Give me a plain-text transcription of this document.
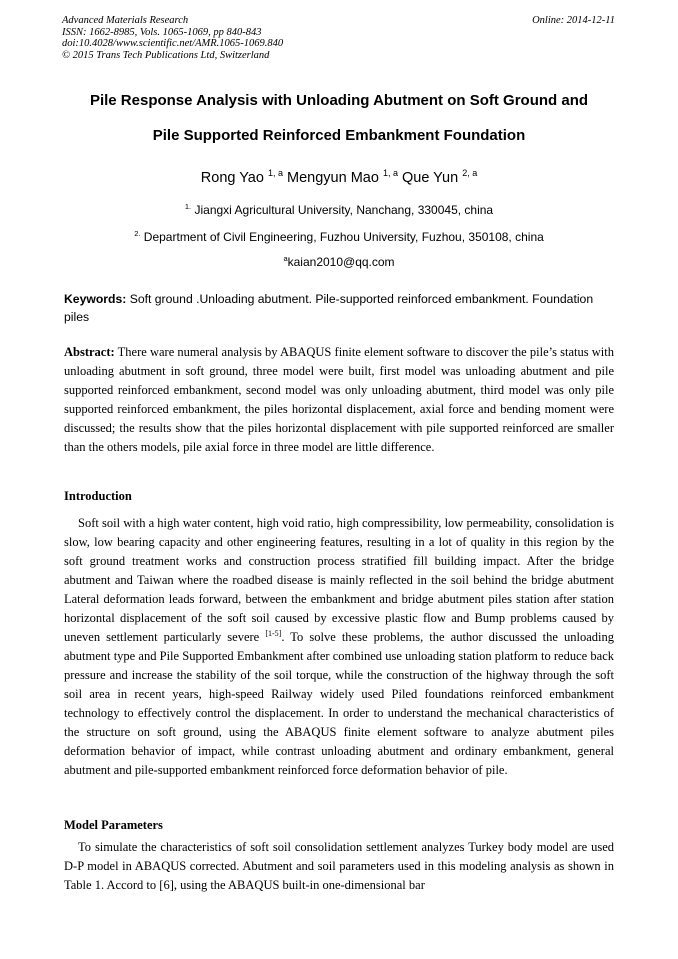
Advanced Materials Research
ISSN: 1662-8985, Vols. 1065-1069, pp 840-843
doi:10.4028/www.scientific.net/AMR.1065-1069.840
© 2015 Trans Tech Publications Ltd, Switzerland
Online: 2014-12-11
Pile Response Analysis with Unloading Abutment on Soft Ground and
Pile Supported Reinforced Embankment Foundation
Rong Yao $^{1, a}$ Mengyun Mao $^{1, a}$ Que Yun $^{2, a}$
$^{1.}$ Jiangxi Agricultural University, Nanchang, 330045, china
$^{2.}$ Department of Civil Engineering, Fuzhou University, Fuzhou, 350108, china
$^a$kaian2010@qq.com
Keywords: Soft ground .Unloading abutment. Pile-supported reinforced embankment. Foundation piles
Abstract: There ware numeral analysis by ABAQUS finite element software to discover the pile’s status with unloading abutment in soft ground, three model were built, first model was unloading abutment and pile supported reinforced embankment, second model was only unloading abutment, third model was only pile supported reinforced embankment, the piles horizontal displacement, axial force and bending moment were discussed; the results show that the piles horizontal displacement with pile supported reinforced are smaller than the others models, pile axial force in three model are little difference.
Introduction
Soft soil with a high water content, high void ratio, high compressibility, low permeability, consolidation is slow, low bearing capacity and other engineering features, resulting in a lot of quality in this region by the soft ground treatment works and construction process stratified fill building impact. After the bridge abutment and Taiwan where the roadbed disease is mainly reflected in the soil behind the bridge abutment Lateral deformation leads forward, between the embankment and bridge abutment piles station after station horizontal displacement of the soft soil caused by excessive plastic flow and Bump problems caused by uneven settlement particularly severe [1-5]. To solve these problems, the author discussed the unloading abutment type and Pile Supported Embankment after combined use unloading station platform to reduce back pressure and increase the stability of the soil torque, while the construction of the highway through the soft soil area in recent years, high-speed Railway widely used Piled foundations reinforced embankment technology to effectively control the displacement. In order to understand the mechanical characteristics of the structure on soft ground, using the ABAQUS finite element software to analyze abutment piles deformation behavior of impact, while contrast unloading abutment and ordinary embankment, general abutment and pile-supported embankment reinforced force deformation behavior of pile.
Model Parameters
To simulate the characteristics of soft soil consolidation settlement analyzes Turkey body model are used D-P model in ABAQUS corrected. Abutment and soil parameters used in this modeling analysis as shown in Table 1. Accord to [6], using the ABAQUS built-in one-dimensional bar
